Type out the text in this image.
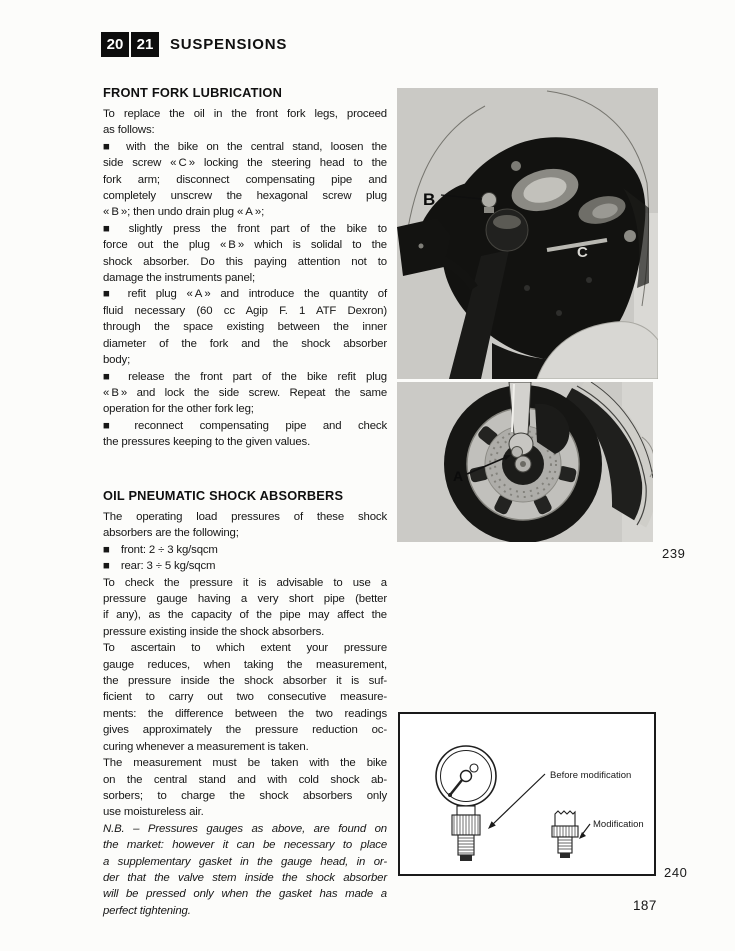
20 21	SUSPENSIONS
FRONT FORK LUBRICATION
To replace the oil in the front fork legs, proceed
as follows:
■  with the bike on the central stand, loosen the
side screw « C » locking the steering head to the
fork arm; disconnect compensating pipe and
completely unscrew the hexagonal screw plug
« B »; then undo drain plug « A »;
■  slightly press the front part of the bike to
force out the plug « B » which is solidal to the
shock absorber. Do this paying attention not to
damage the instruments panel;
■  refit plug « A » and introduce the quantity of
fluid necessary (60 cc Agip F. 1 ATF Dexron)
through the space existing between the inner
diameter of the fork and the shock absorber
body;
■  release the front part of the bike refit plug
« B » and lock the side screw. Repeat the same
operation for the other fork leg;
■  reconnect compensating pipe and check
the pressures keeping to the given values.
OIL PNEUMATIC SHOCK ABSORBERS
The operating load pressures of these shock
absorbers are the following;
■  front: 2 ÷ 3 kg/sqcm
■  rear: 3 ÷ 5 kg/sqcm
To check the pressure it is advisable to use a
pressure gauge having a very short pipe (better
if any), as the capacity of the pipe may affect the
pressure existing inside the shock absorbers.
To ascertain to which extent your pressure
gauge reduces, when taking the measurement,
the pressure inside the shock absorber it is suf-
ficient to carry out two consecutive measure-
ments: the difference between the two readings
gives approximately the pressure reduction oc-
curing whenever a measurement is taken.
The measurement must be taken with the bike
on the central stand and with cold shock ab-
sorbers; to charge the shock absorbers only
use moistureless air.
N.B. – Pressures gauges as above, are found on
the market: however it can be necessary to place
a supplementary gasket in the gauge head, in or-
der that the valve stem inside the shock absorber
will be pressed only when the gasket has made a
perfect tightening.
B
C
A
239
Before modification
Modification
240
187
